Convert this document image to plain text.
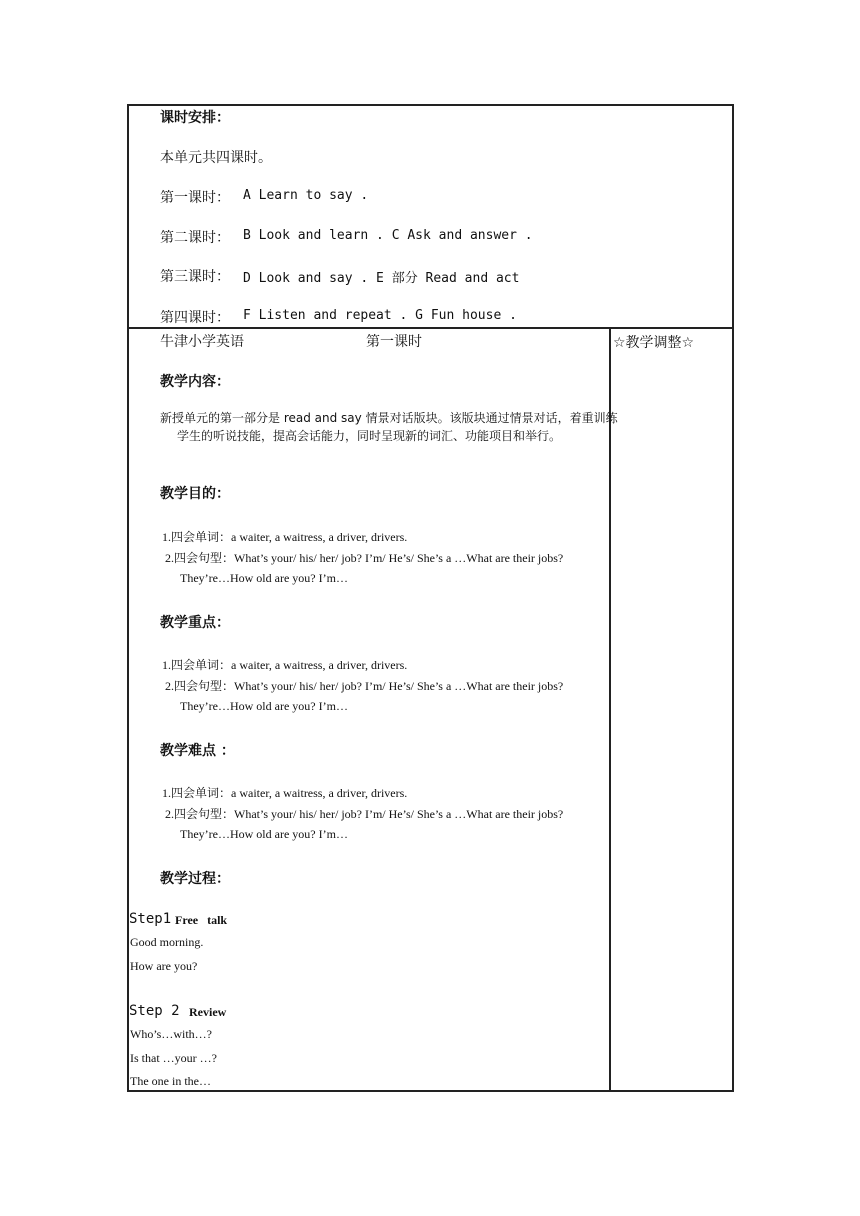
课时安排：
本单元共四课时。
第一课时： A Learn to say .
第二课时： B Look and learn . C Ask and answer .
第三课时： D Look and say . E 部分 Read and act
第四课时： F Listen and repeat . G Fun house .
牛津小学英语	第一课时	☆教学调整☆
教学内容：
新授单元的第一部分是 read and say 情景对话版块。该版块通过情景对话，着重训练学生的听说技能，提高会话能力，同时呈现新的词汇、功能项目和举行。
教学目的：
1.四会单词：a waiter, a waitress, a driver, drivers.
2.四会句型：What’s your/ his/ her/ job? I’m/ He’s/ She’s a …What are their jobs?
They’re…How old are you? I’m…
教学重点：
1.四会单词：a waiter, a waitress, a driver, drivers.
2.四会句型：What’s your/ his/ her/ job? I’m/ He’s/ She’s a …What are their jobs?
They’re…How old are you? I’m…
教学难点 ：
1.四会单词：a waiter, a waitress, a driver, drivers.
2.四会句型：What’s your/ his/ her/ job? I’m/ He’s/ She’s a …What are their jobs?
They’re…How old are you? I’m…
教学过程：
Step1 Free   talk
Good morning.
How are you?
Step 2 Review
Who’s…with…?
Is that …your …?
The one in the…
